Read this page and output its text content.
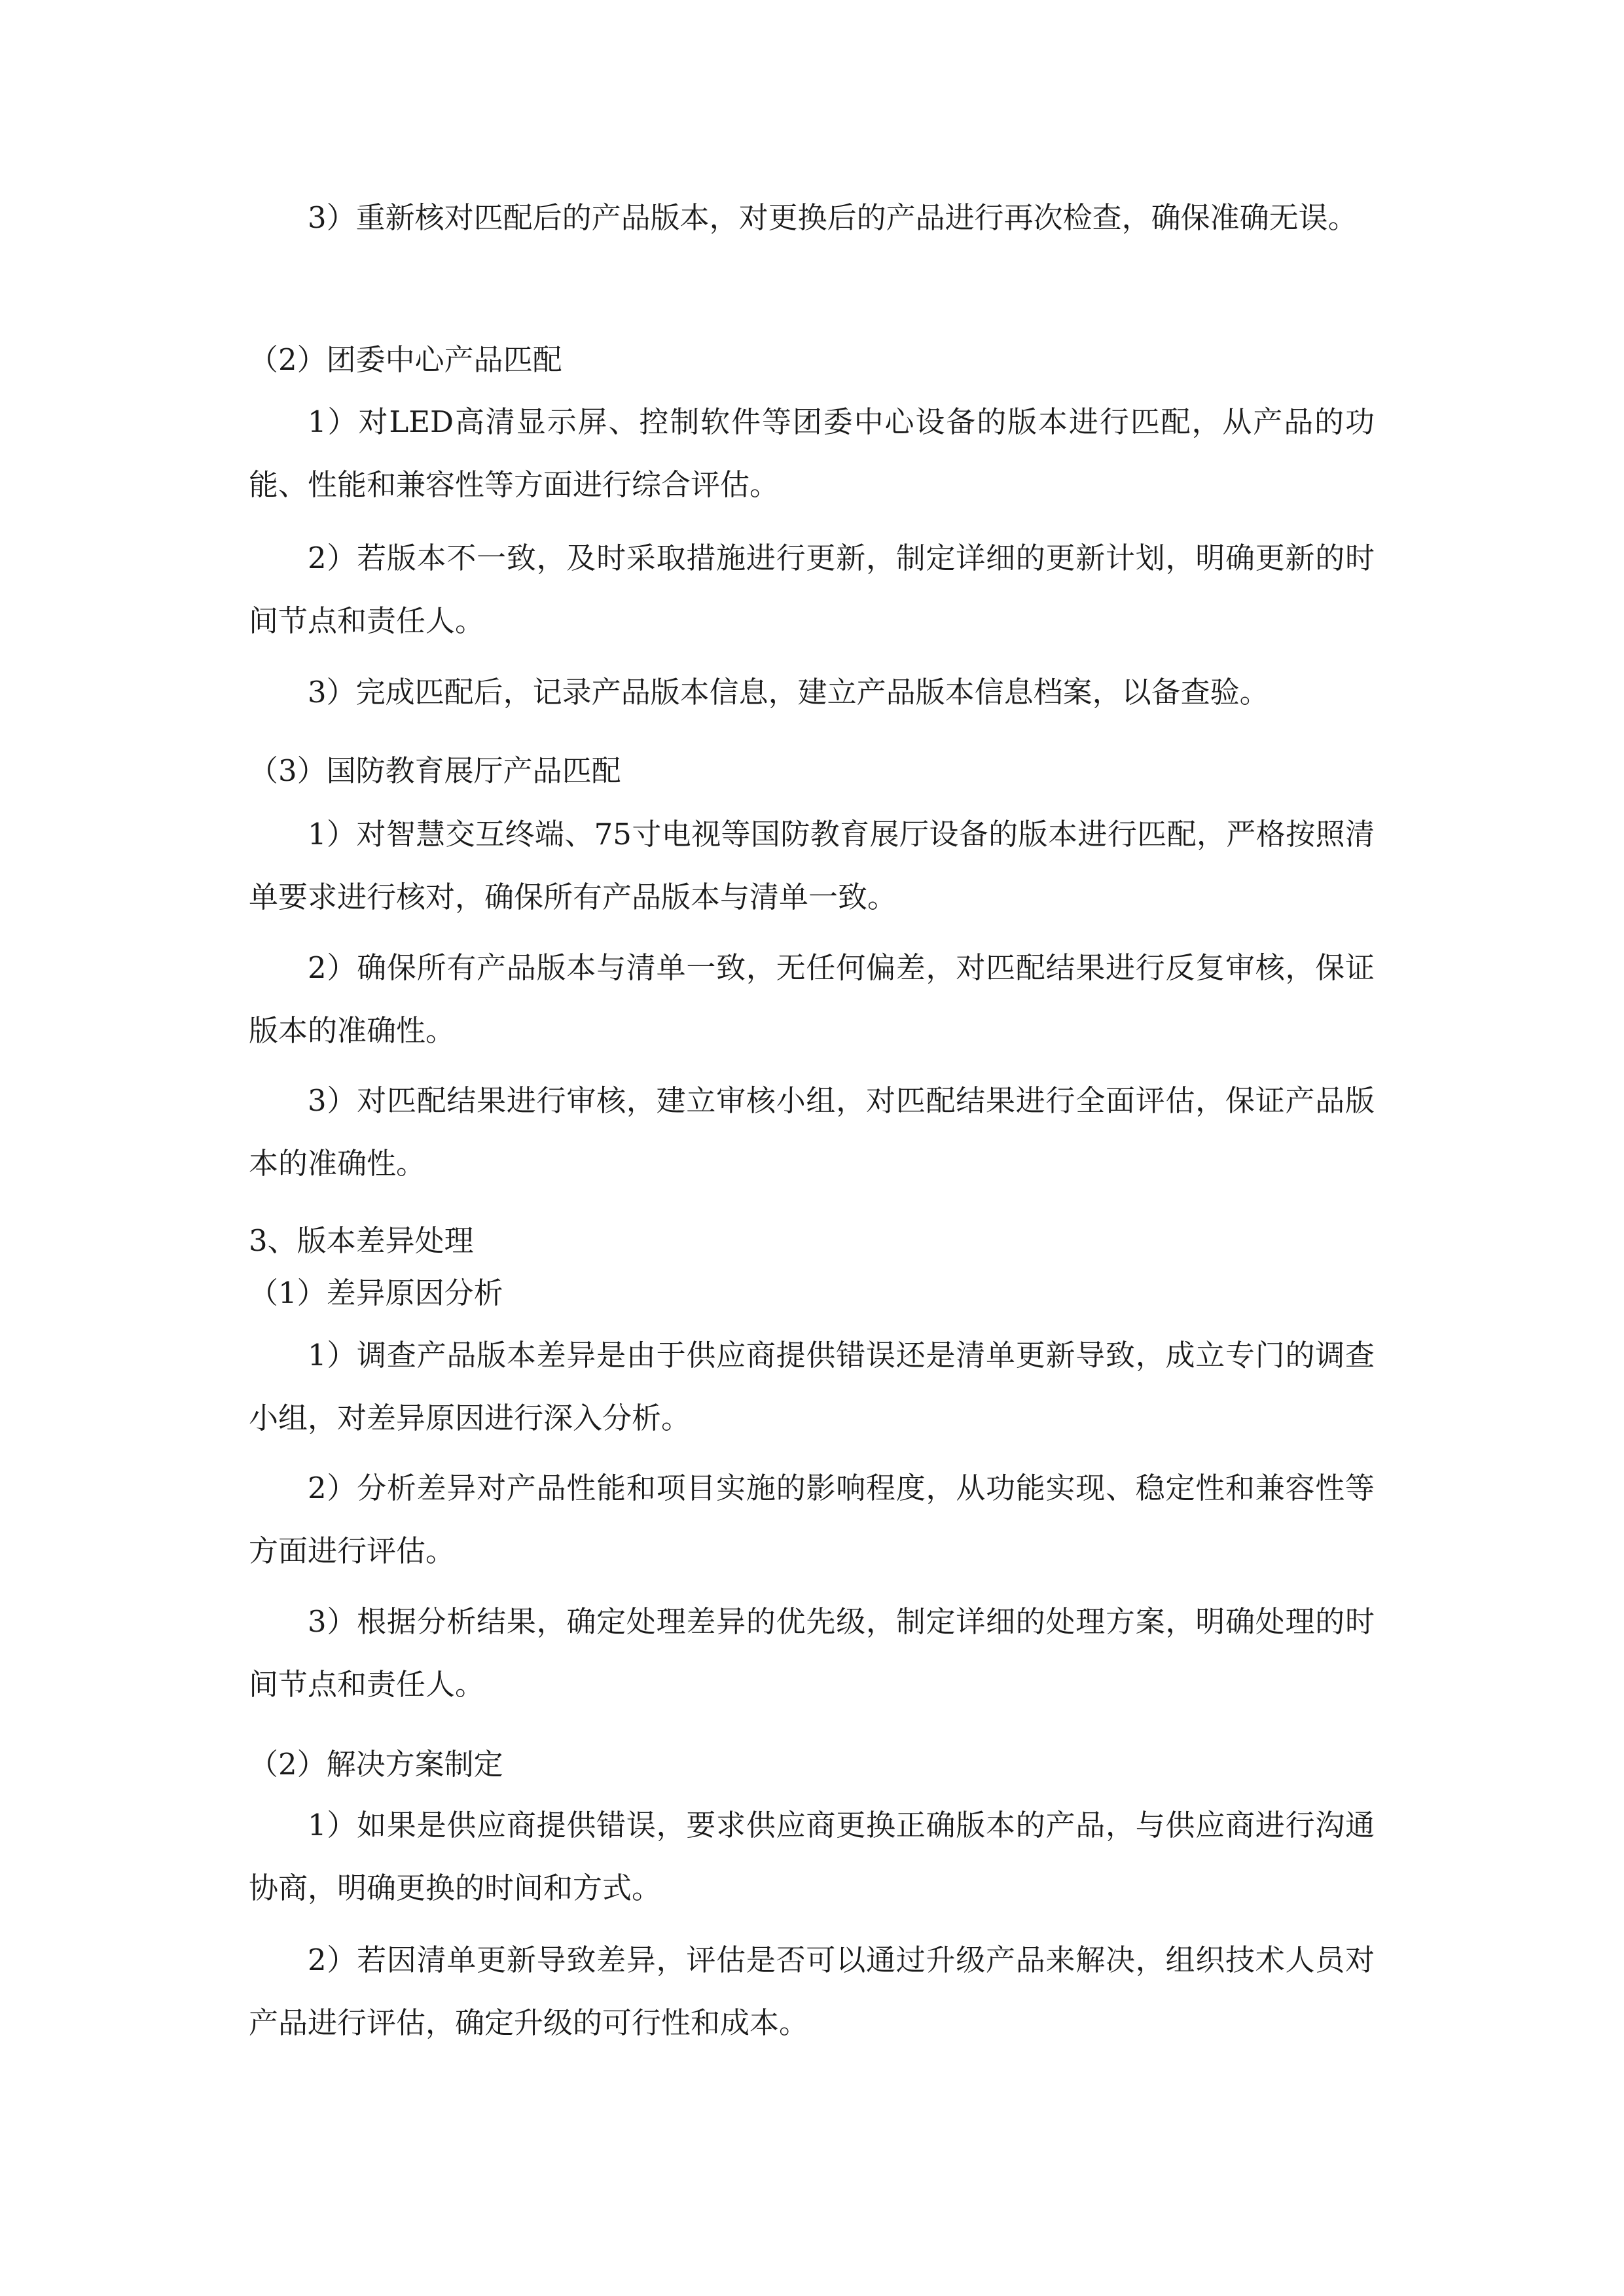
3）重新核对匹配后的产品版本，对更换后的产品进行再次检查，确保准确无误。

（2）团委中心产品匹配

1）对LED高清显示屏、控制软件等团委中心设备的版本进行匹配，从产品的功能、性能和兼容性等方面进行综合评估。

2）若版本不一致，及时采取措施进行更新，制定详细的更新计划，明确更新的时间节点和责任人。

3）完成匹配后，记录产品版本信息，建立产品版本信息档案，以备查验。

（3）国防教育展厅产品匹配

1）对智慧交互终端、75寸电视等国防教育展厅设备的版本进行匹配，严格按照清单要求进行核对，确保所有产品版本与清单一致。

2）确保所有产品版本与清单一致，无任何偏差，对匹配结果进行反复审核，保证版本的准确性。

3）对匹配结果进行审核，建立审核小组，对匹配结果进行全面评估，保证产品版本的准确性。

3、版本差异处理

（1）差异原因分析

1）调查产品版本差异是由于供应商提供错误还是清单更新导致，成立专门的调查小组，对差异原因进行深入分析。

2）分析差异对产品性能和项目实施的影响程度，从功能实现、稳定性和兼容性等方面进行评估。

3）根据分析结果，确定处理差异的优先级，制定详细的处理方案，明确处理的时间节点和责任人。

（2）解决方案制定

1）如果是供应商提供错误，要求供应商更换正确版本的产品，与供应商进行沟通协商，明确更换的时间和方式。

2）若因清单更新导致差异，评估是否可以通过升级产品来解决，组织技术人员对产品进行评估，确定升级的可行性和成本。
